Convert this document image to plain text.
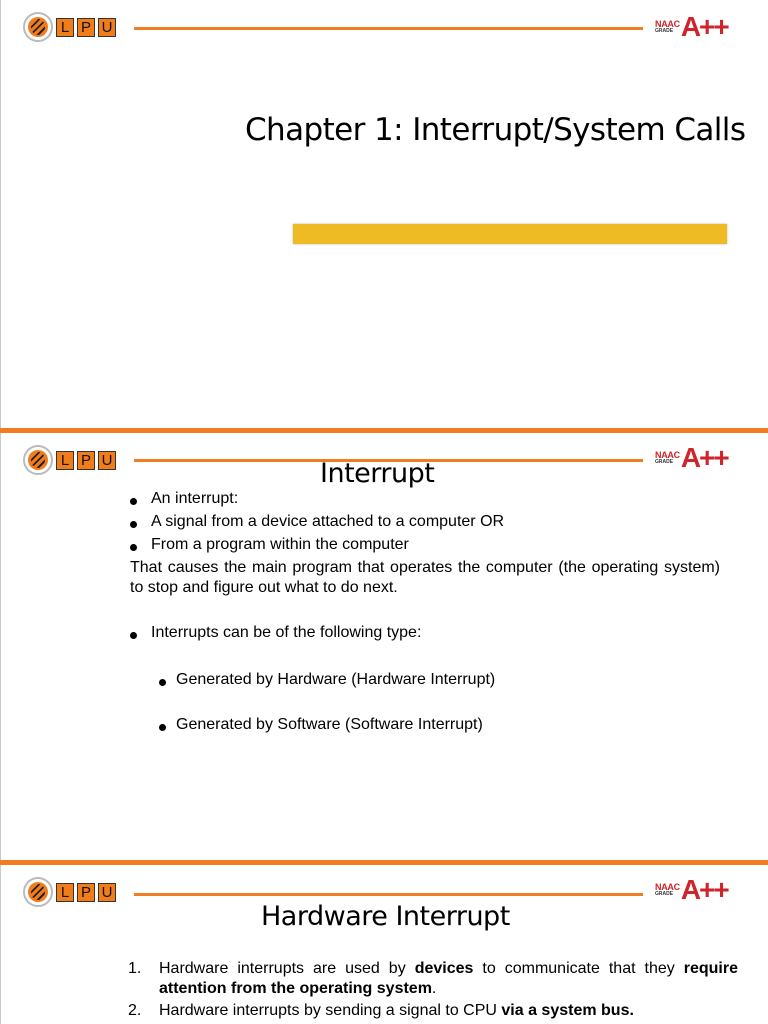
L P U	NAAC
GRADE A++
Chapter 1: Interrupt/System Calls
L P U	NAAC
GRADE A++
Interrupt
An interrupt:
A signal from a device attached to a computer OR
From a program within the computer
That causes the main program that operates the computer (the operating system) to stop and figure out what to do next.
Interrupts can be of the following type:
Generated by Hardware (Hardware Interrupt)
Generated by Software (Software Interrupt)
L P U	NAAC
GRADE A++
Hardware Interrupt
1.	Hardware interrupts are used by devices to communicate that they require attention from the operating system.
2.	Hardware interrupts by sending a signal to CPU via a system bus.
